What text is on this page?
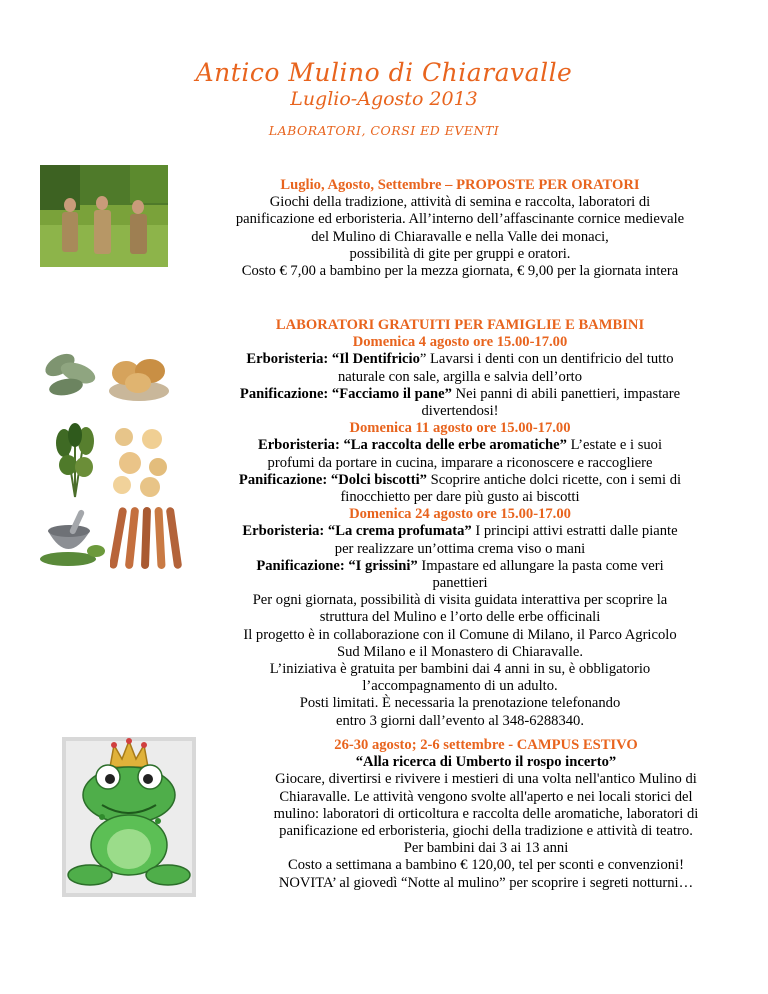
Antico Mulino di Chiaravalle
Luglio-Agosto 2013
LABORATORI, CORSI ED EVENTI

Luglio, Agosto, Settembre – PROPOSTE PER ORATORI

Giochi della tradizione, attività di semina e raccolta, laboratori di

panificazione ed erboristeria. All’interno dell’affascinante cornice medievale

del Mulino di Chiaravalle e nella Valle dei monaci,

possibilità di gite per gruppi e oratori.

Costo € 7,00 a bambino per la mezza giornata, € 9,00 per la giornata intera

LABORATORI GRATUITI PER FAMIGLIE E BAMBINI

Domenica 4 agosto ore 15.00-17.00

Erboristeria: “Il Dentifricio” Lavarsi i denti con un dentifricio del tutto

naturale con sale, argilla e salvia dell’orto

Panificazione: “Facciamo il pane” Nei panni di abili panettieri, impastare

divertendosi!

Domenica 11 agosto ore 15.00-17.00

Erboristeria: “La raccolta delle erbe aromatiche” L’estate e i suoi

profumi da portare in cucina, imparare a riconoscere e raccogliere

Panificazione: “Dolci biscotti” Scoprire antiche dolci ricette, con i semi di

finocchietto per dare più gusto ai biscotti

Domenica 24 agosto ore 15.00-17.00

Erboristeria: “La crema profumata” I principi attivi estratti dalle piante

per realizzare un’ottima crema viso o mani

Panificazione: “I grissini” Impastare ed allungare la pasta come veri

panettieri

Per ogni giornata, possibilità di visita guidata interattiva per scoprire la

struttura del Mulino e l’orto delle erbe officinali

Il progetto è in collaborazione con il Comune di Milano, il Parco Agricolo

Sud Milano e il Monastero di Chiaravalle.

L’iniziativa è gratuita per bambini dai 4 anni in su, è obbligatorio

l’accompagnamento di un adulto.

Posti limitati. È necessaria la prenotazione telefonando

entro 3 giorni dall’evento al 348-6288340.

26-30 agosto; 2-6 settembre - CAMPUS ESTIVO

“Alla ricerca di Umberto il rospo incerto”

Giocare, divertirsi e rivivere i mestieri di una volta nell'antico Mulino di

Chiaravalle. Le attività vengono svolte all'aperto e nei locali storici del

mulino: laboratori di orticoltura e raccolta delle aromatiche, laboratori di

panificazione ed erboristeria, giochi della tradizione e attività di teatro.

Per bambini dai 3 ai 13 anni

Costo a settimana a bambino € 120,00, tel per sconti e convenzioni!

NOVITA’ al giovedì “Notte al mulino” per scoprire i segreti notturni…
